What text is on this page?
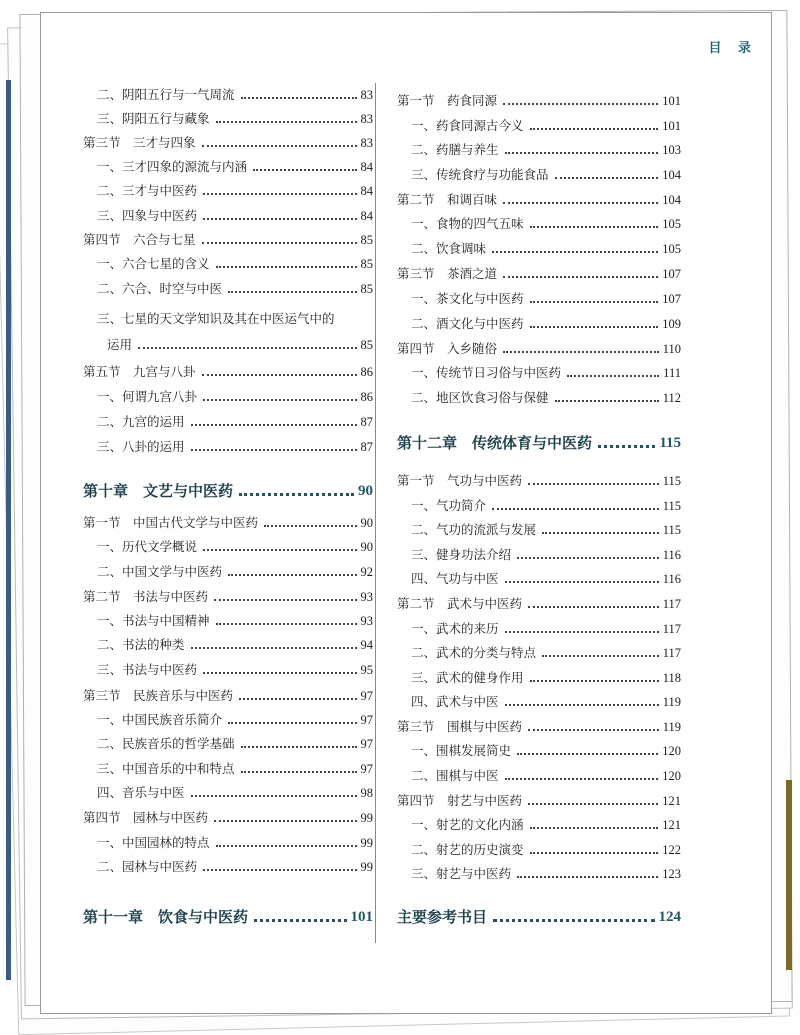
目 录
二、阴阳五行与一气周流	83
三、阴阳五行与藏象	83
第三节　三才与四象	83
一、三才四象的源流与内涵	84
二、三才与中医药	84
三、四象与中医药	84
第四节　六合与七星	85
一、六合七星的含义	85
二、六合、时空与中医	85
三、七星的天文学知识及其在中医运气中的
运用	85
第五节　九宫与八卦	86
一、何谓九宫八卦	86
二、九宫的运用	87
三、八卦的运用	87
第十章　文艺与中医药	90
第一节　中国古代文学与中医药	90
一、历代文学概说	90
二、中国文学与中医药	92
第二节　书法与中医药	93
一、书法与中国精神	93
二、书法的种类	94
三、书法与中医药	95
第三节　民族音乐与中医药	97
一、中国民族音乐简介	97
二、民族音乐的哲学基础	97
三、中国音乐的中和特点	97
四、音乐与中医	98
第四节　园林与中医药	99
一、中国园林的特点	99
二、园林与中医药	99
第十一章　饮食与中医药	101
第一节　药食同源	101
一、药食同源古今义	101
二、药膳与养生	103
三、传统食疗与功能食品	104
第二节　和调百味	104
一、食物的四气五味	105
二、饮食调味	105
第三节　茶酒之道	107
一、茶文化与中医药	107
二、酒文化与中医药	109
第四节　入乡随俗	110
一、传统节日习俗与中医药	111
二、地区饮食习俗与保健	112
第十二章　传统体育与中医药	115
第一节　气功与中医药	115
一、气功简介	115
二、气功的流派与发展	115
三、健身功法介绍	116
四、气功与中医	116
第二节　武术与中医药	117
一、武术的来历	117
二、武术的分类与特点	117
三、武术的健身作用	118
四、武术与中医	119
第三节　围棋与中医药	119
一、围棋发展简史	120
二、围棋与中医	120
第四节　射艺与中医药	121
一、射艺的文化内涵	121
二、射艺的历史演变	122
三、射艺与中医药	123
主要参考书目	124
